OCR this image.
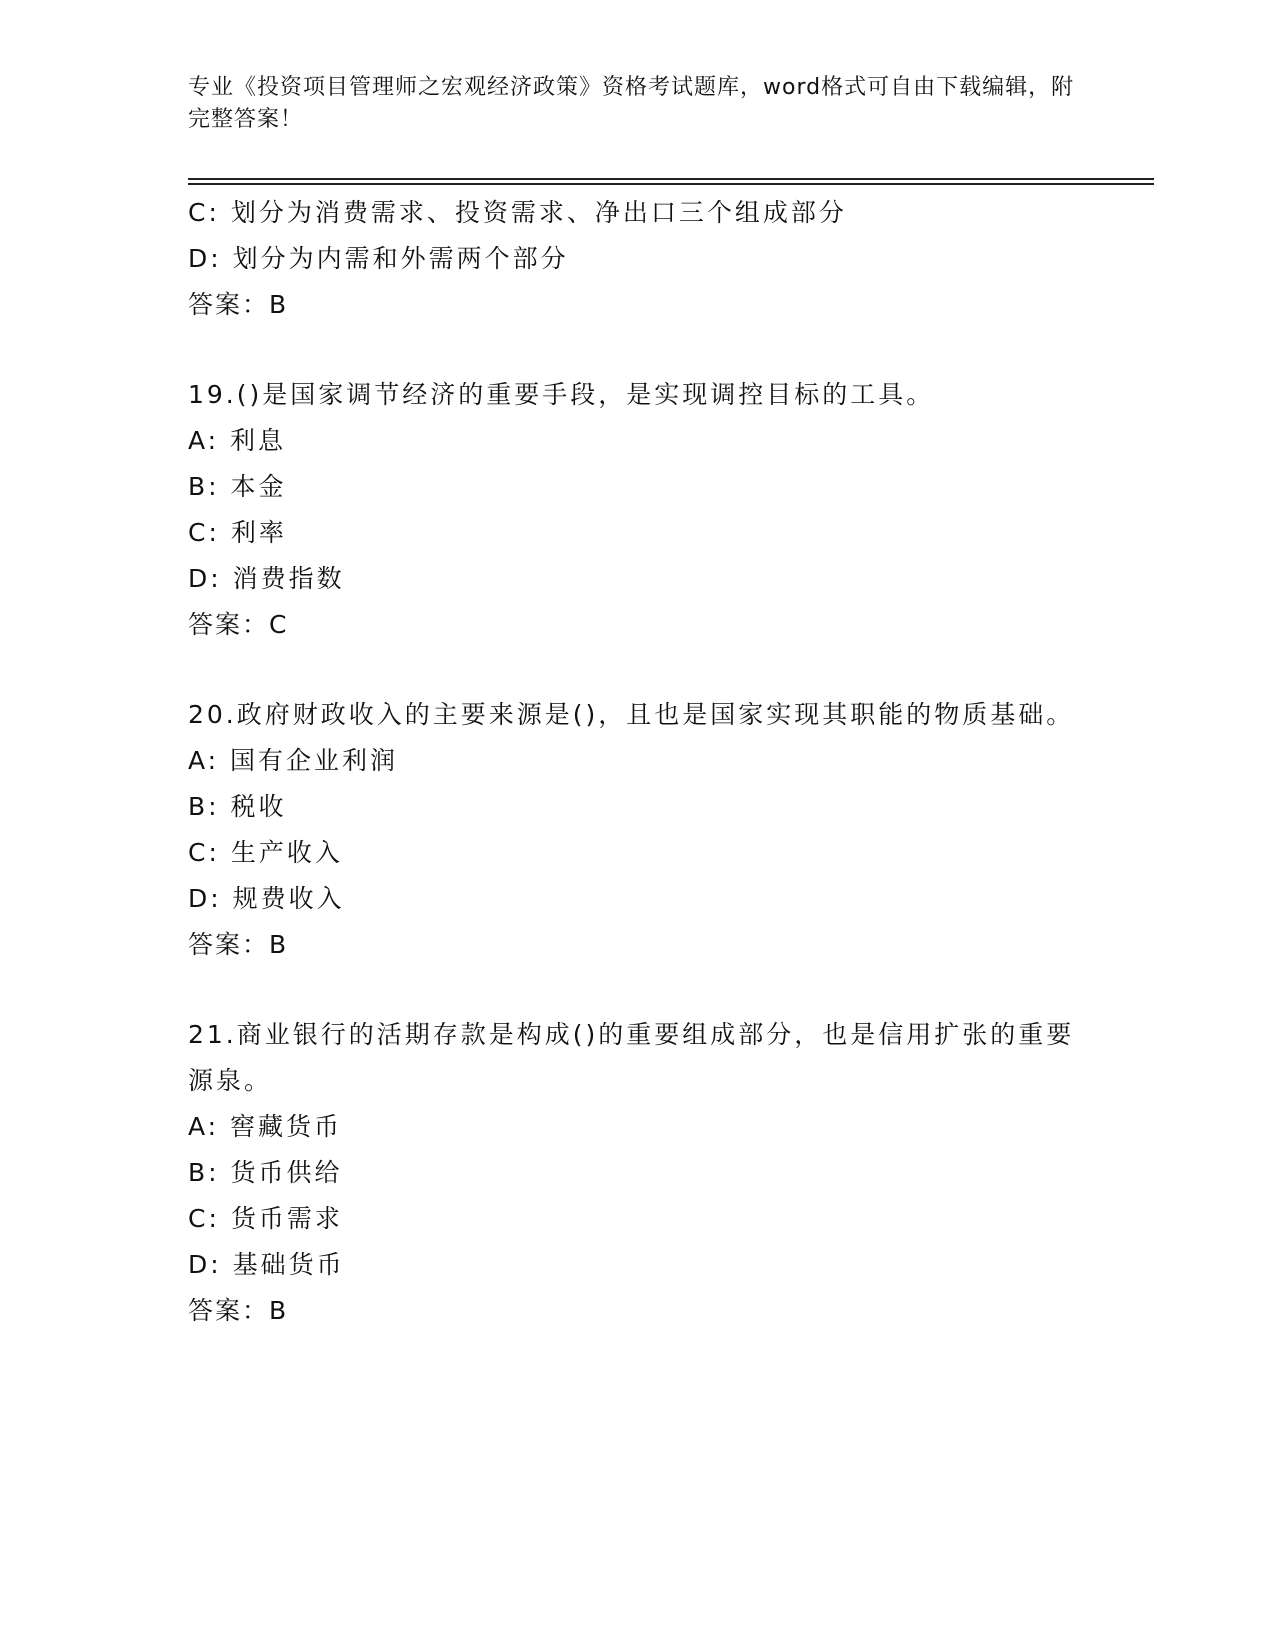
专业《投资项目管理师之宏观经济政策》资格考试题库，word格式可自由下载编辑，附完整答案！
C: 划分为消费需求、投资需求、净出口三个组成部分
D: 划分为内需和外需两个部分
答案：B
19.()是国家调节经济的重要手段，是实现调控目标的工具。
A: 利息
B: 本金
C: 利率
D: 消费指数
答案：C
20.政府财政收入的主要来源是()，且也是国家实现其职能的物质基础。
A: 国有企业利润
B: 税收
C: 生产收入
D: 规费收入
答案：B
21.商业银行的活期存款是构成()的重要组成部分，也是信用扩张的重要源泉。
A: 窖藏货币
B: 货币供给
C: 货币需求
D: 基础货币
答案：B
